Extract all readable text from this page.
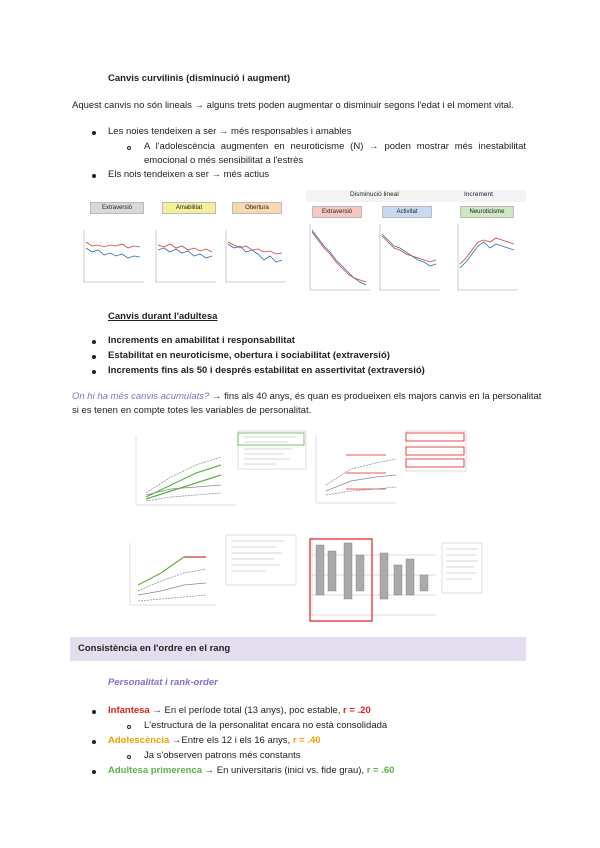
Canvis curvilinis (disminució i augment)
Aquest canvis no són lineals → alguns trets poden augmentar o disminuir segons l'edat i el moment vital.
Les noies tendeixen a ser → més responsables i amables
A l'adolescència augmenten en neuroticisme (N) → poden mostrar més inestabilitat
emocional o més sensibilitat a l'estrès
Els nois tendeixen a ser → més actius
Disminució lineal	Increment
Extraversió	Amabilitat	Obertura
Extraversió	Activitat	Neuroticisme
Canvis durant l'adultesa
Increments en amabilitat i responsabilitat
Estabilitat en neuroticisme, obertura i sociabilitat (extraversió)
Increments fins als 50 i després estabilitat en assertivitat (extraversió)
On hi ha més canvis acumulats? → fins als 40 anys, és quan es produeixen els majors canvis en la personalitat
si es tenen en compte totes les variables de personalitat.
Consistència en l'ordre en el rang
Personalitat i rank-order
Infantesa → En el període total (13 anys), poc estable, r = .20
L'estructura de la personalitat encara no està consolidada
Adolescència →Entre els 12 i els 16 anys, r = .40
Ja s'observen patrons més constants
Adultesa primerenca → En universitaris (inici vs. fide grau), r = .60
